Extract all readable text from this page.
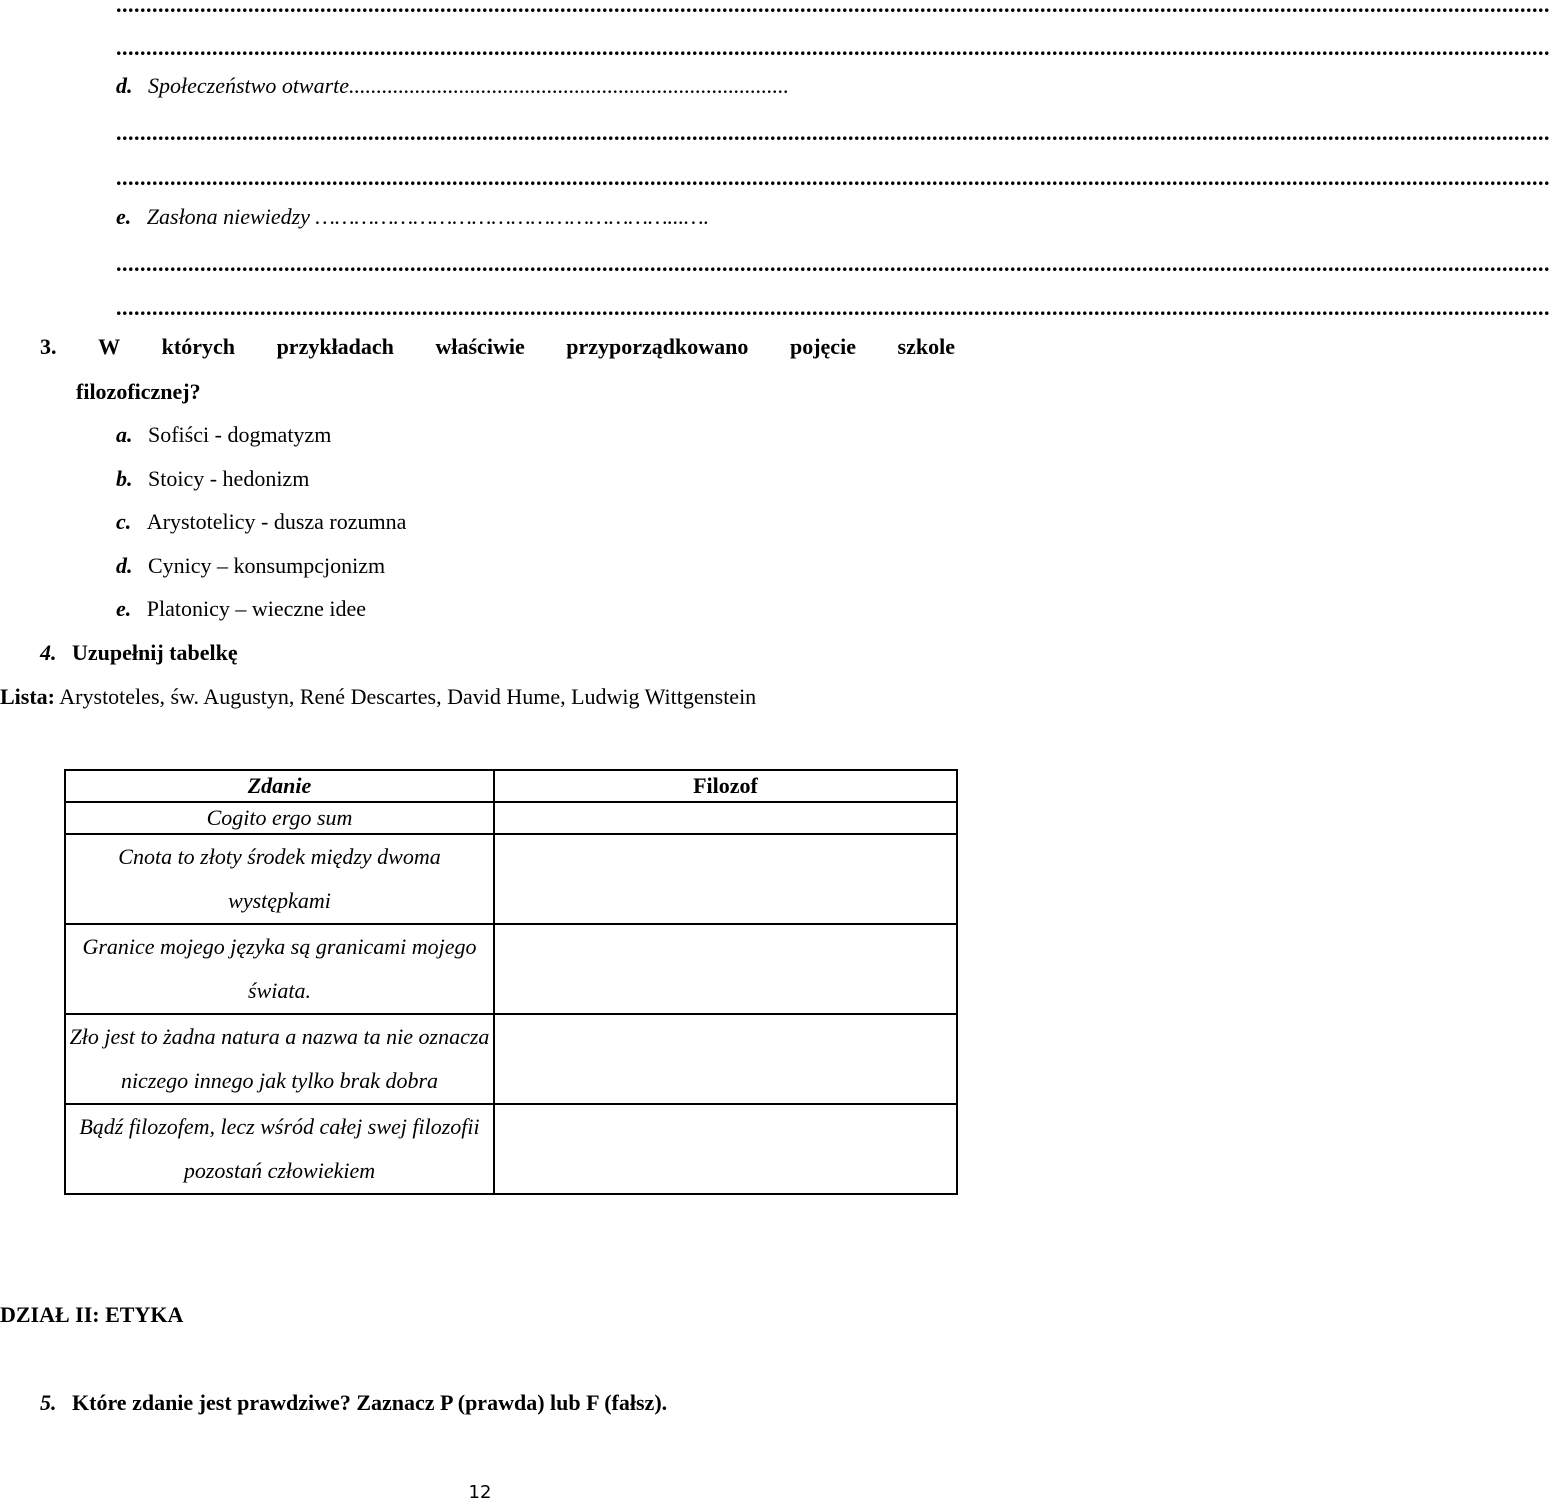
...............................................................................................................................................................................................................................................
...............................................................................................................................................................................................................................................
d. Społeczeństwo otwarte................................................................................
...............................................................................................................................................................................................................................................
...............................................................................................................................................................................................................................................
e. Zasłona niewiedzy ………………………………………………...….
...............................................................................................................................................................................................................................................
...............................................................................................................................................................................................................................................
3. W których przykładach właściwie przyporządkowano pojęcie szkole
filozoficznej?
a. Sofiści - dogmatyzm
b. Stoicy - hedonizm
c. Arystotelicy - dusza rozumna
d. Cynicy – konsumpcjonizm
e. Platonicy – wieczne idee
4. Uzupełnij tabelkę
Lista: Arystoteles, św. Augustyn, René Descartes, David Hume, Ludwig Wittgenstein
Zdanie	Filozof
Cogito ergo sum	
Cnota to złoty środek między dwoma występkami	
Granice mojego języka są granicami mojego świata.	
Zło jest to żadna natura a nazwa ta nie oznacza niczego innego jak tylko brak dobra	
Bądź filozofem, lecz wśród całej swej filozofii pozostań człowiekiem	
DZIAŁ II: ETYKA
5. Które zdanie jest prawdziwe? Zaznacz P (prawda) lub F (fałsz).
12
